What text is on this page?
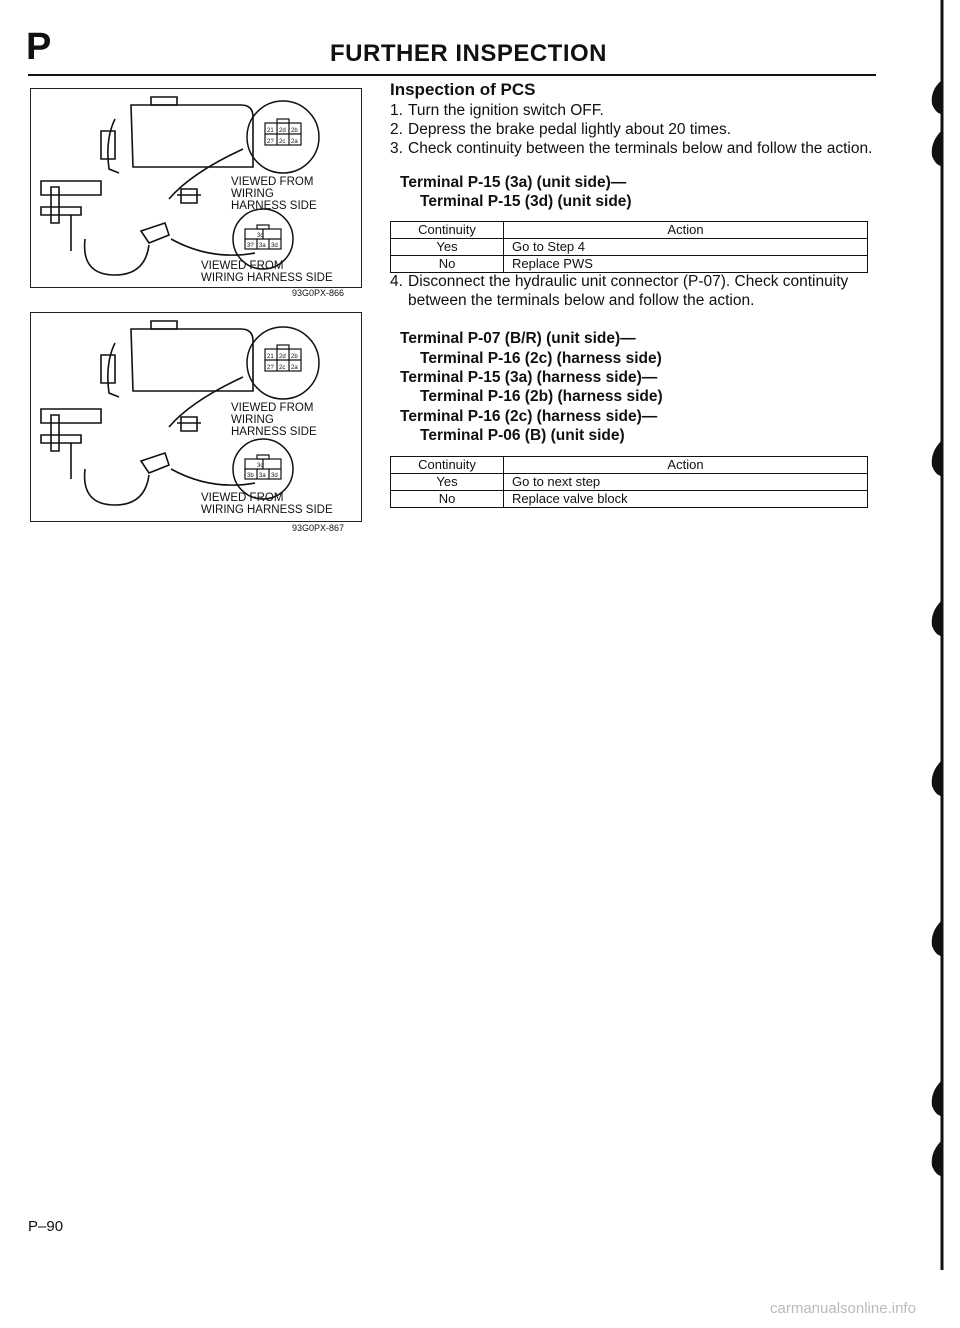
P	FURTHER INSPECTION
21 2d 2b
2? 2c 2a
VIEWED FROM
WIRING
HARNESS SIDE
3c
3? 3a 3d
VIEWED FROM
WIRING HARNESS SIDE
93G0PX-866
21 2d 2b
2? 2c 2a
VIEWED FROM
WIRING
HARNESS SIDE
3c
3b 3a 3d
VIEWED FROM
WIRING HARNESS SIDE
93G0PX-867
Inspection of PCS
1. Turn the ignition switch OFF.
2. Depress the brake pedal lightly about 20 times.
3. Check continuity between the terminals below and follow the action.
Terminal P-15 (3a) (unit side)—
Terminal P-15 (3d) (unit side)
Continuity	Action
Yes	Go to Step 4
No	Replace PWS
4. Disconnect the hydraulic unit connector (P-07). Check continuity between the terminals below and follow the action.
Terminal P-07 (B/R) (unit side)—
Terminal P-16 (2c) (harness side)
Terminal P-15 (3a) (harness side)—
Terminal P-16 (2b) (harness side)
Terminal P-16 (2c) (harness side)—
Terminal P-06 (B) (unit side)
Continuity	Action
Yes	Go to next step
No	Replace valve block
P–90
carmanualsonline.info
